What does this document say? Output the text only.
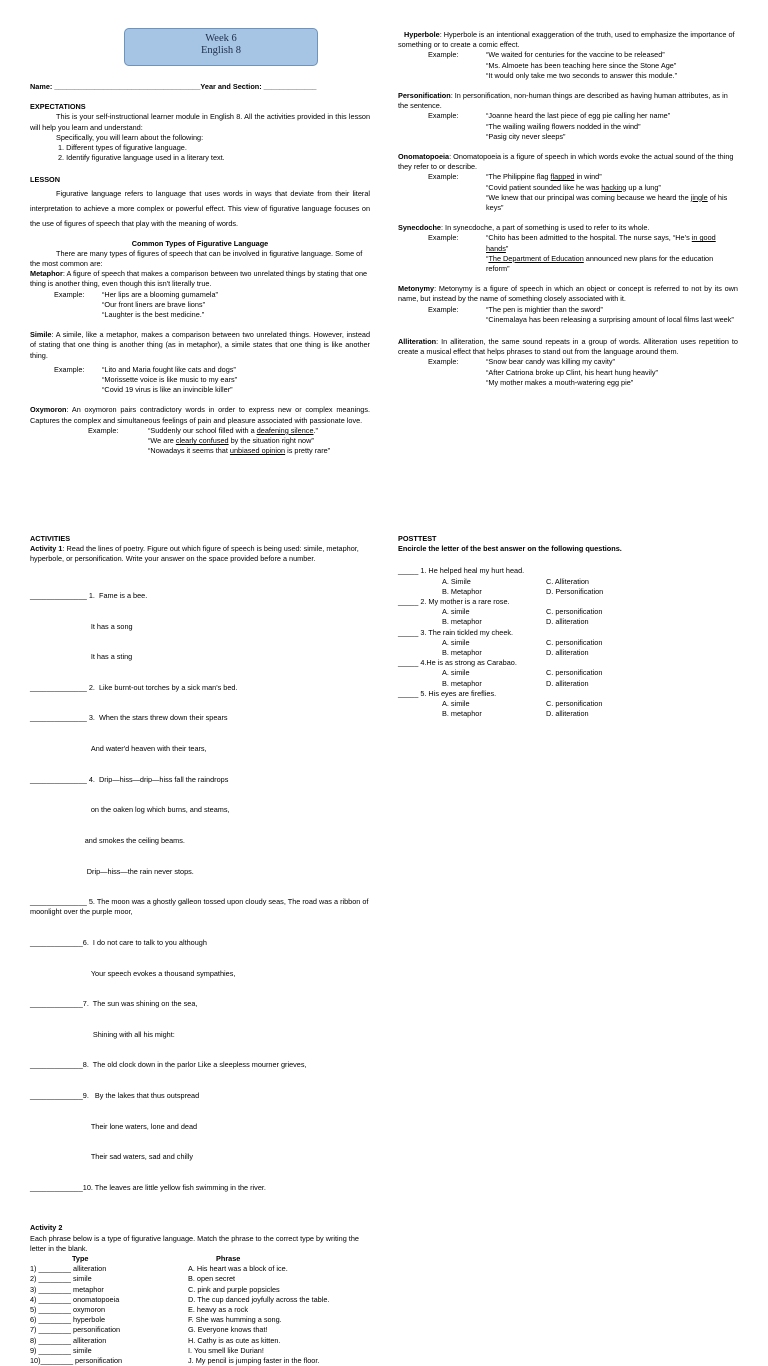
Week 6
English 8

Name: ____________________________________Year and Section: _____________

EXPECTATIONS

This is your self-instructional learner module in English 8. All the activities provided in this lesson will help you learn and understand:

Specifically, you will learn about the following:

1. Different types of figurative language.

2. Identify figurative language used in a literary text.

LESSON

Figurative language refers to language that uses words in ways that deviate from their literal interpretation to achieve a more complex or powerful effect. This view of figurative language focuses on the use of figures of speech that play with the meaning of words.

Common Types of Figurative Language

There are many types of figures of speech that can be involved in figurative language. Some of the most common are:

Metaphor: A figure of speech that makes a comparison between two unrelated things by stating that one thing is another thing, even though this isn't literally true.

Example:	“Her lips are a blooming gumamela”

“Our front liners are brave lions”

“Laughter is the best medicine.”

Simile: A simile, like a metaphor, makes a comparison between two unrelated things. However, instead of stating that one thing is another thing (as in metaphor), a simile states that one thing is like another thing.

Example:	“Lito and Maria fought like cats and dogs”

“Morissette voice is like music to my ears”

“Covid 19 virus is like an invincible killer”

Oxymoron: An oxymoron pairs contradictory words in order to express new or complex meanings. Captures the complex and simultaneous feelings of pain and pleasure associated with passionate love.

Example:	“Suddenly our school filled with a deafening silence.”

“We are clearly confused by the situation right now”

“Nowadays it seems that unbiased opinion is pretty rare”

Hyperbole: Hyperbole is an intentional exaggeration of the truth, used to emphasize the importance of something or to create a comic effect.

Example:	“We waited for centuries for the vaccine to be released”

“Ms. Almoete has been teaching here since the Stone Age”

“It would only take me two seconds to answer this module.”

Personification: In personification, non-human things are described as having human attributes, as in the sentence.

Example:	“Joanne heard the last piece of egg pie calling her name”

“The wailing wailing flowers nodded in the wind”

“Pasig city never sleeps”

Onomatopoeia: Onomatopoeia is a figure of speech in which words evoke the actual sound of the thing they refer to or describe.

Example:	“The Philippine flag flapped in wind”

“Covid patient sounded like he was hacking up a lung”

“We knew that our principal was coming because we heard the jingle of his keys”

Synecdoche: In synecdoche, a part of something is used to refer to its whole.

Example:	“Chito has been admitted to the hospital. The nurse says, “He’s in good hands”

“The Department of Education announced new plans for the education reform”

Metonymy: Metonymy is a figure of speech in which an object or concept is referred to not by its own name, but instead by the name of something closely associated with it.

Example:	“The pen is mightier than the sword”

“Cinemalaya has been releasing a surprising amount of local films last week”

Alliteration: In alliteration, the same sound repeats in a group of words. Alliteration uses repetition to create a musical effect that helps phrases to stand out from the language around them.

Example:	“Snow bear candy was killing my cavity”

“After Catriona broke up Clint, his heart hung heavily”

“My mother makes a mouth-watering egg pie”

ACTIVITIES

Activity 1: Read the lines of poetry. Figure out which figure of speech is being used: simile, metaphor, hyperbole, or personification. Write your answer on the space provided before a number.

______________ 1.  Fame is a bee.

It has a song

It has a sting

______________ 2.  Like burnt-out torches by a sick man's bed.

______________ 3.  When the stars threw down their spears

And water'd heaven with their tears,

______________ 4.  Drip—hiss—drip—hiss fall the raindrops

on the oaken log which burns, and steams,

and smokes the ceiling beams.

Drip—hiss—the rain never stops.

______________ 5. The moon was a ghostly galleon tossed upon cloudy seas, The road was a ribbon of moonlight over the purple moor,

_____________6.  I do not care to talk to you although

Your speech evokes a thousand sympathies,

_____________7.  The sun was shining on the sea,

Shining with all his might:

_____________8.  The old clock down in the parlor Like a sleepless mourner grieves,

_____________9.   By the lakes that thus outspread

Their lone waters, lone and dead

Their sad waters, sad and chilly

_____________10. The leaves are little yellow fish swimming in the river.

Activity 2

Each phrase below is a type of figurative language. Match the phrase to the correct type by writing the letter in the blank.

Type	Phrase
1) ________ alliteration	A. His heart was a block of ice.
2) ________ simile	B. open secret
3) ________ metaphor	C. pink and purple popsicles
4) ________ onomatopoeia	D. The cup danced joyfully across the table.
5) ________ oxymoron	E. heavy as a rock
6) ________ hyperbole	F. She was humming a song.
7) ________ personification	G. Everyone knows that!
8) ________ alliteration	H. Cathy is as cute as kitten.
9) ________ simile	I. You smell like Durian!
10)________ personification	J. My pencil is jumping faster in the floor.

POSTTEST

Encircle the letter of the best answer on the following questions.

_____ 1. He helped heal my hurt head.

A. Simile	C. Alliteration
B. Metaphor	D. Personification

_____ 2. My mother is a rare rose.

A. simile	C. personification
B. metaphor	D. alliteration

_____ 3. The rain tickled my cheek.

A. simile	C. personification
B. metaphor	D. alliteration

_____ 4.He is as strong as Carabao.

A. simile	C. personification
B. metaphor	D. alliteration

_____ 5. His eyes are fireflies.

A. simile	C. personification
B. metaphor	D. alliteration
